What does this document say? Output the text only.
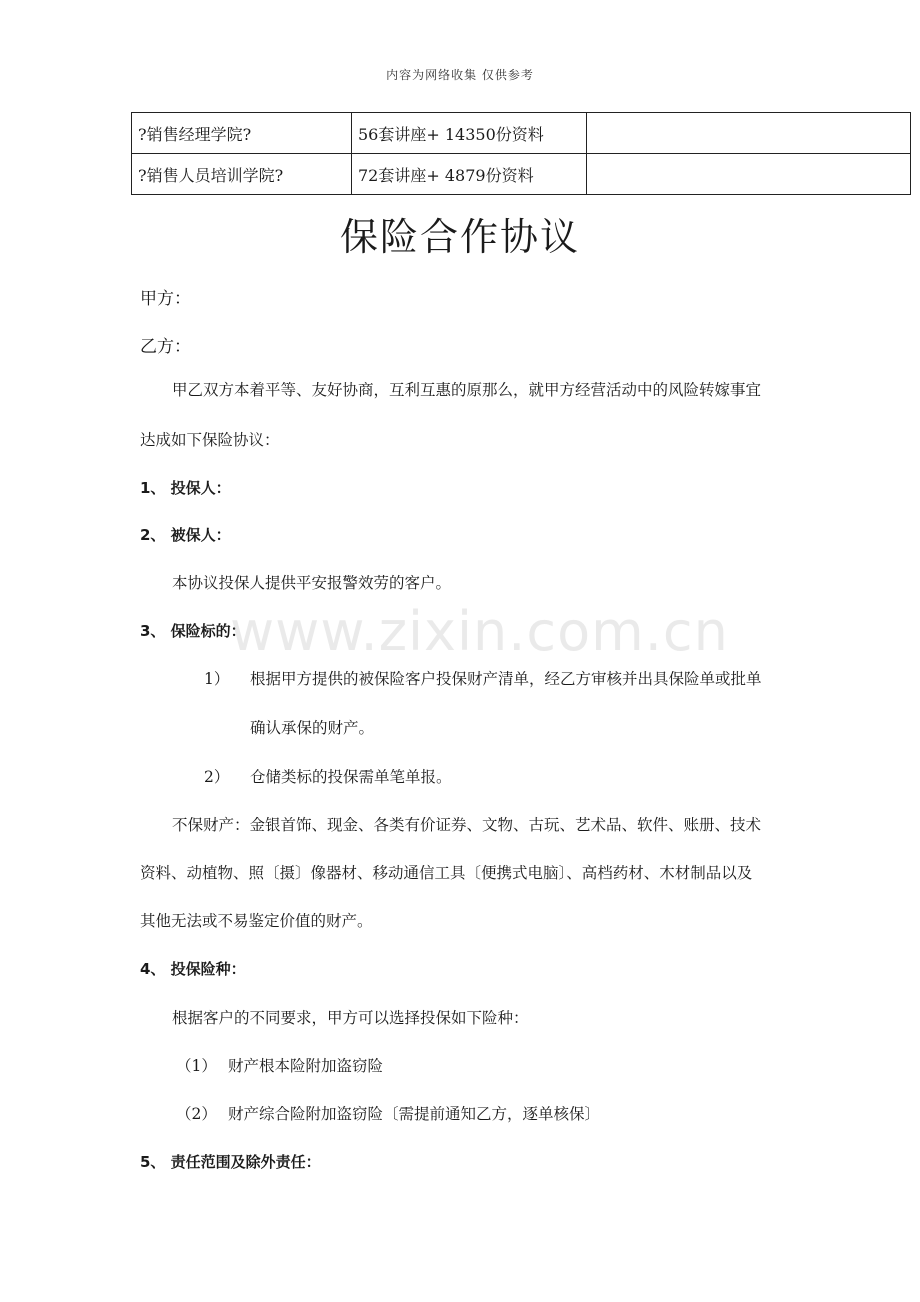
内容为网络收集 仅供参考
?销售经理学院?	56套讲座+ 14350份资料	
?销售人员培训学院?	72套讲座+ 4879份资料	
保险合作协议
甲方：
乙方：
甲乙双方本着平等、友好协商，互利互惠的原那么，就甲方经营活动中的风险转嫁事宜
达成如下保险协议：
1、 投保人：
2、 被保人：
本协议投保人提供平安报警效劳的客户。
3、 保险标的：
1） 根据甲方提供的被保险客户投保财产清单，经乙方审核并出具保险单或批单
确认承保的财产。
2） 仓储类标的投保需单笔单报。
不保财产：金银首饰、现金、各类有价证券、文物、古玩、艺术品、软件、账册、技术
资料、动植物、照〔摄〕像器材、移动通信工具〔便携式电脑〕、高档药材、木材制品以及
其他无法或不易鉴定价值的财产。
4、 投保险种：
根据客户的不同要求，甲方可以选择投保如下险种：
（1） 财产根本险附加盗窃险
（2） 财产综合险附加盗窃险〔需提前通知乙方，逐单核保〕
5、 责任范围及除外责任：
www.zixin.com.cn
